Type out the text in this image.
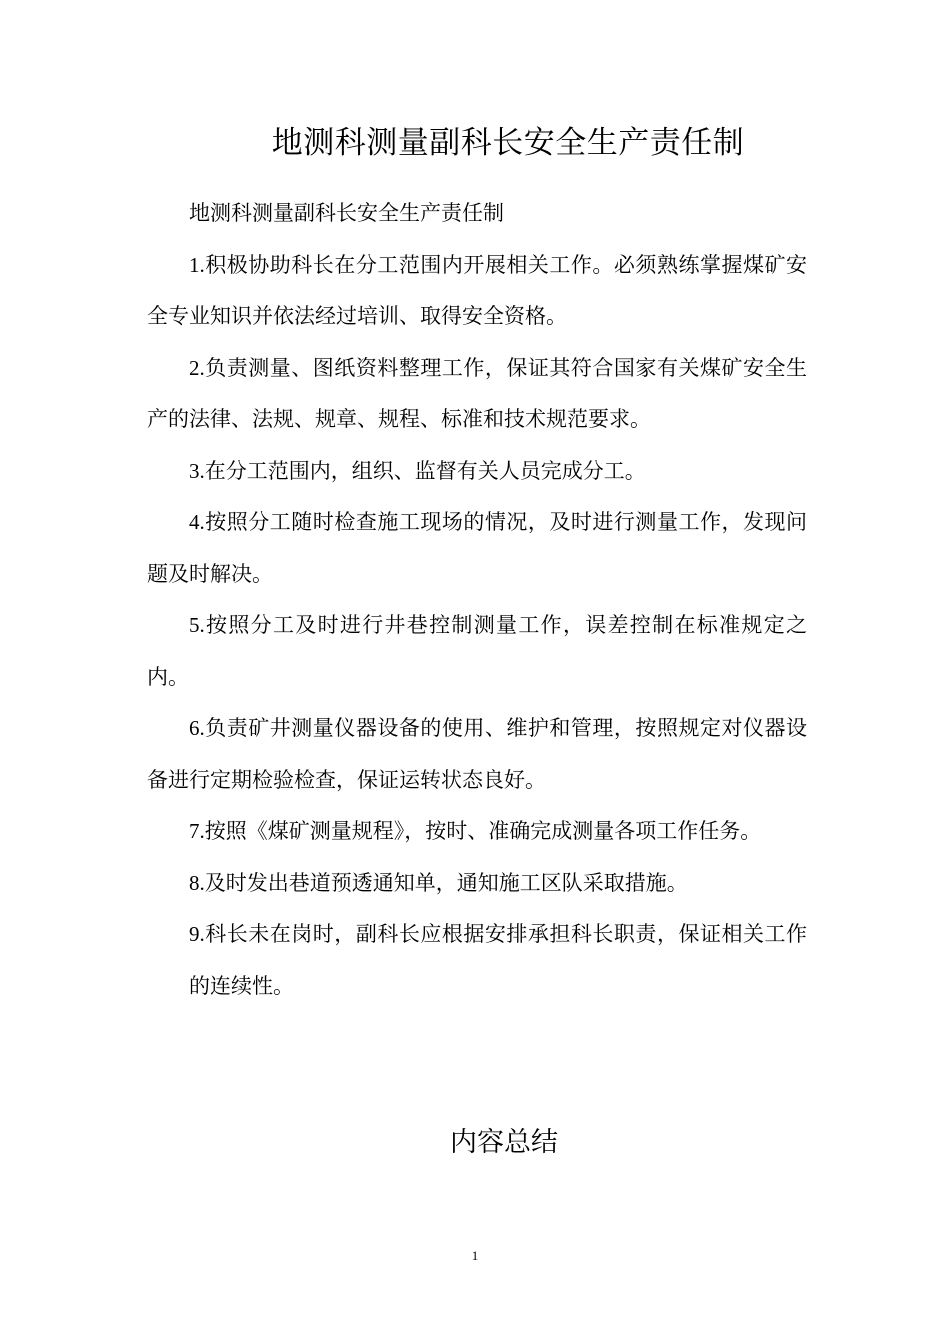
地测科测量副科长安全生产责任制

地测科测量副科长安全生产责任制

1.积极协助科长在分工范围内开展相关工作。必须熟练掌握煤矿安全专业知识并依法经过培训、取得安全资格。

2.负责测量、图纸资料整理工作，保证其符合国家有关煤矿安全生产的法律、法规、规章、规程、标准和技术规范要求。

3.在分工范围内，组织、监督有关人员完成分工。

4.按照分工随时检查施工现场的情况，及时进行测量工作，发现问题及时解决。

5.按照分工及时进行井巷控制测量工作，误差控制在标准规定之内。

6.负责矿井测量仪器设备的使用、维护和管理，按照规定对仪器设备进行定期检验检查，保证运转状态良好。

7.按照《煤矿测量规程》，按时、准确完成测量各项工作任务。

8.及时发出巷道预透通知单，通知施工区队采取措施。

9.科长未在岗时，副科长应根据安排承担科长职责，保证相关工作的连续性。

内容总结
1
